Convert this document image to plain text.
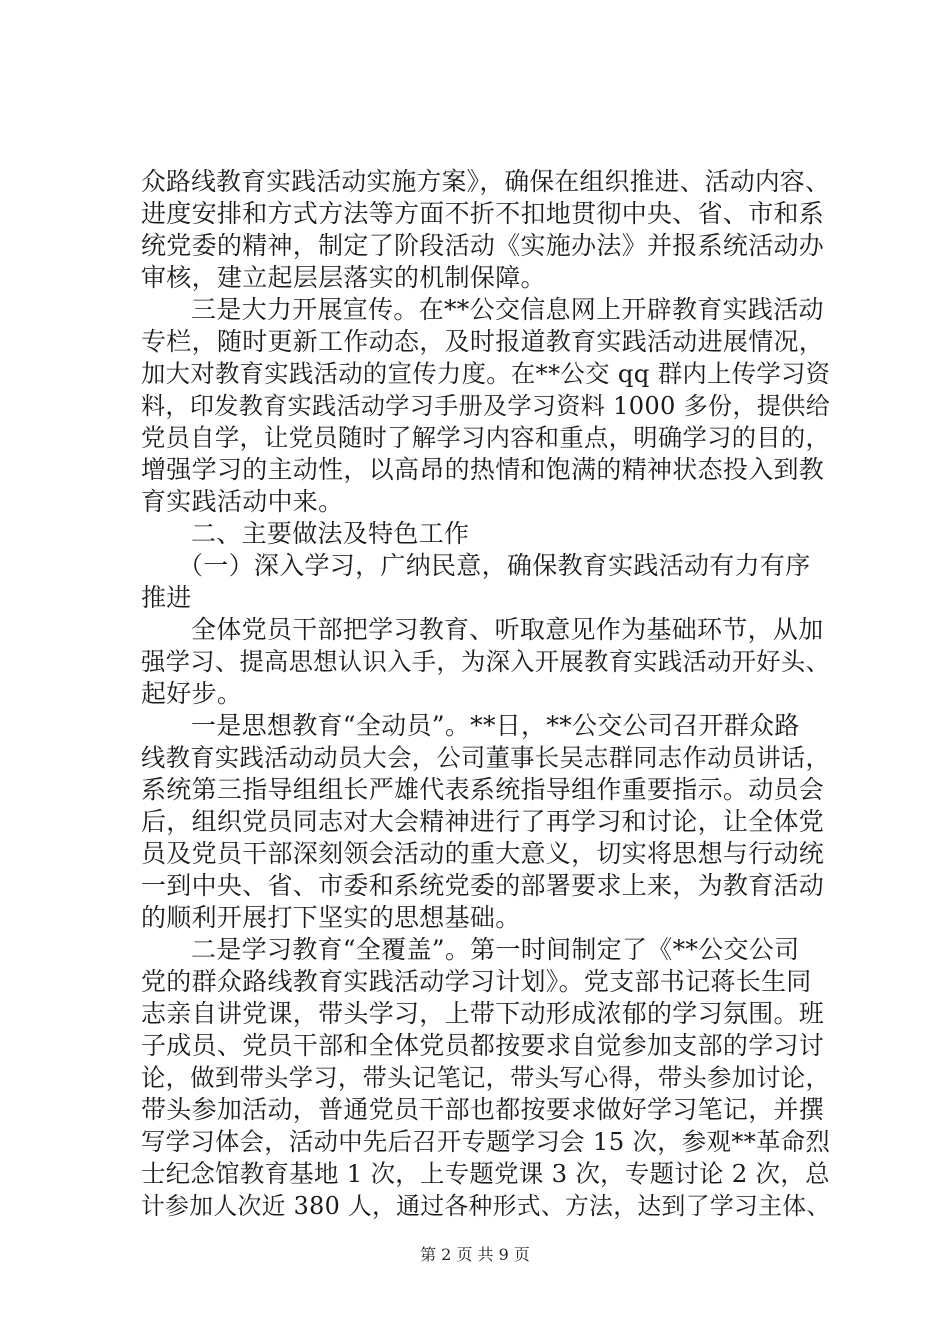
众路线教育实践活动实施方案》，确保在组织推进、活动内容、
进度安排和方式方法等方面不折不扣地贯彻中央、省、市和系
统党委的精神，制定了阶段活动《实施办法》并报系统活动办
审核，建立起层层落实的机制保障。
三是大力开展宣传。在**公交信息网上开辟教育实践活动
专栏，随时更新工作动态，及时报道教育实践活动进展情况，
加大对教育实践活动的宣传力度。在**公交 qq 群内上传学习资
料，印发教育实践活动学习手册及学习资料 1000 多份，提供给
党员自学，让党员随时了解学习内容和重点，明确学习的目的，
增强学习的主动性，以高昂的热情和饱满的精神状态投入到教
育实践活动中来。
二、主要做法及特色工作
（一）深入学习，广纳民意，确保教育实践活动有力有序
推进
全体党员干部把学习教育、听取意见作为基础环节，从加
强学习、提高思想认识入手，为深入开展教育实践活动开好头、
起好步。
一是思想教育“全动员”。**日，**公交公司召开群众路
线教育实践活动动员大会，公司董事长吴志群同志作动员讲话，
系统第三指导组组长严雄代表系统指导组作重要指示。动员会
后，组织党员同志对大会精神进行了再学习和讨论，让全体党
员及党员干部深刻领会活动的重大意义，切实将思想与行动统
一到中央、省、市委和系统党委的部署要求上来，为教育活动
的顺利开展打下坚实的思想基础。
二是学习教育“全覆盖”。第一时间制定了《**公交公司
党的群众路线教育实践活动学习计划》。党支部书记蒋长生同
志亲自讲党课，带头学习，上带下动形成浓郁的学习氛围。班
子成员、党员干部和全体党员都按要求自觉参加支部的学习讨
论，做到带头学习，带头记笔记，带头写心得，带头参加讨论，
带头参加活动，普通党员干部也都按要求做好学习笔记，并撰
写学习体会，活动中先后召开专题学习会 15 次，参观**革命烈
士纪念馆教育基地 1 次，上专题党课 3 次，专题讨论 2 次，总
计参加人次近 380 人，通过各种形式、方法，达到了学习主体、
第 2 页 共 9 页
